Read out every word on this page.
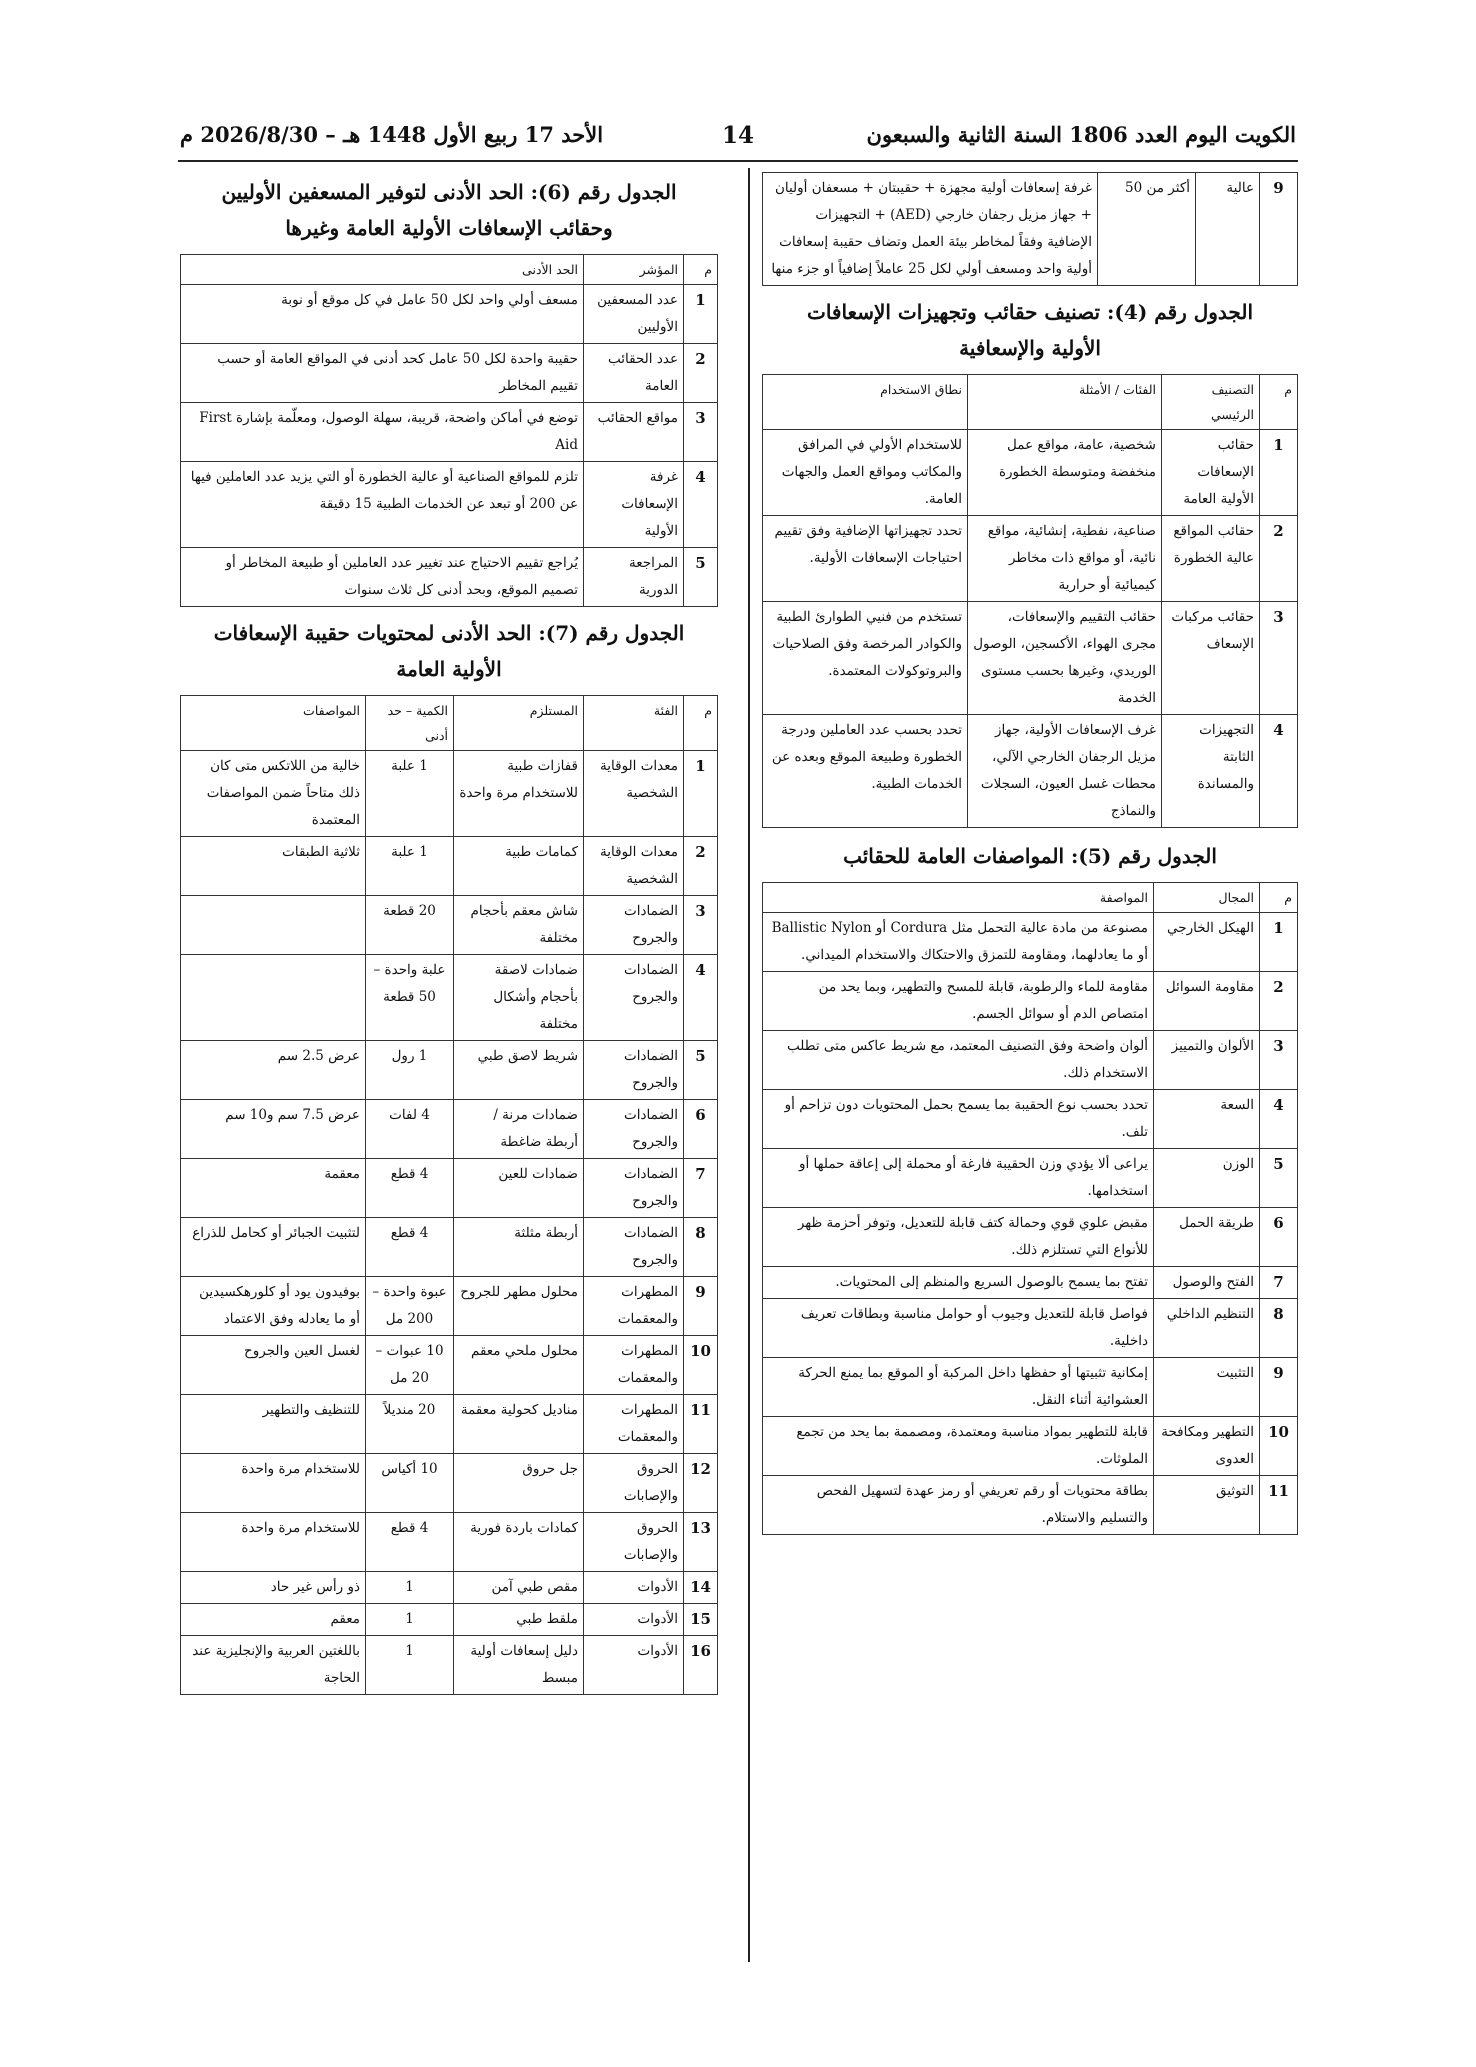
الكويت اليوم العدد 1806 السنة الثانية والسبعون
14
الأحد 17 ربيع الأول 1448 هـ – 2026/8/30 م
9	عالية	أكثر من 50	غرفة إسعافات أولية مجهزة + حقيبتان + مسعفان أوليان + جهاز مزيل رجفان خارجي (AED) + التجهيزات الإضافية وفقاً لمخاطر بيئة العمل وتضاف حقيبة إسعافات أولية واحد ومسعف أولي لكل 25 عاملاً إضافياً او جزء منها
الجدول رقم (4): تصنيف حقائب وتجهيزات الإسعافات
الأولية والإسعافية
م	التصنيف الرئيسي	الفئات / الأمثلة	نطاق الاستخدام
1	حقائب الإسعافات الأولية العامة	شخصية، عامة، مواقع عمل منخفضة ومتوسطة الخطورة	للاستخدام الأولي في المرافق والمكاتب ومواقع العمل والجهات العامة.
2	حقائب المواقع عالية الخطورة	صناعية، نفطية، إنشائية، مواقع نائية، أو مواقع ذات مخاطر كيميائية أو حرارية	تحدد تجهيزاتها الإضافية وفق تقييم احتياجات الإسعافات الأولية.
3	حقائب مركبات الإسعاف	حقائب التقييم والإسعافات، مجرى الهواء، الأكسجين، الوصول الوريدي، وغيرها بحسب مستوى الخدمة	تستخدم من فنيي الطوارئ الطبية والكوادر المرخصة وفق الصلاحيات والبروتوكولات المعتمدة.
4	التجهيزات الثابتة والمساندة	غرف الإسعافات الأولية، جهاز مزيل الرجفان الخارجي الآلي، محطات غسل العيون، السجلات والنماذج	تحدد بحسب عدد العاملين ودرجة الخطورة وطبيعة الموقع وبعده عن الخدمات الطبية.
الجدول رقم (5): المواصفات العامة للحقائب
م	المجال	المواصفة
1	الهيكل الخارجي	مصنوعة من مادة عالية التحمل مثل Cordura أو Ballistic Nylon أو ما يعادلهما، ومقاومة للتمزق والاحتكاك والاستخدام الميداني.
2	مقاومة السوائل	مقاومة للماء والرطوبة، قابلة للمسح والتطهير، وبما يحد من امتصاص الدم أو سوائل الجسم.
3	الألوان والتمييز	ألوان واضحة وفق التصنيف المعتمد، مع شريط عاكس متى تطلب الاستخدام ذلك.
4	السعة	تحدد بحسب نوع الحقيبة بما يسمح بحمل المحتويات دون تزاحم أو تلف.
5	الوزن	يراعى ألا يؤدي وزن الحقيبة فارغة أو محملة إلى إعاقة حملها أو استخدامها.
6	طريقة الحمل	مقبض علوي قوي وحمالة كتف قابلة للتعديل، وتوفر أحزمة ظهر للأنواع التي تستلزم ذلك.
7	الفتح والوصول	تفتح بما يسمح بالوصول السريع والمنظم إلى المحتويات.
8	التنظيم الداخلي	فواصل قابلة للتعديل وجيوب أو حوامل مناسبة وبطاقات تعريف داخلية.
9	التثبيت	إمكانية تثبيتها أو حفظها داخل المركبة أو الموقع بما يمنع الحركة العشوائية أثناء النقل.
10	التطهير ومكافحة العدوى	قابلة للتطهير بمواد مناسبة ومعتمدة، ومصممة بما يحد من تجمع الملوثات.
11	التوثيق	بطاقة محتويات أو رقم تعريفي أو رمز عهدة لتسهيل الفحص والتسليم والاستلام.
الجدول رقم (6): الحد الأدنى لتوفير المسعفين الأوليين
وحقائب الإسعافات الأولية العامة وغيرها
م	المؤشر	الحد الأدنى
1	عدد المسعفين الأوليين	مسعف أولي واحد لكل 50 عامل في كل موقع أو نوبة
2	عدد الحقائب العامة	حقيبة واحدة لكل 50 عامل كحد أدنى في المواقع العامة أو حسب تقييم المخاطر
3	مواقع الحقائب	توضع في أماكن واضحة، قريبة، سهلة الوصول، ومعلّمة بإشارة First Aid
4	غرفة الإسعافات الأولية	تلزم للمواقع الصناعية أو عالية الخطورة أو التي يزيد عدد العاملين فيها عن 200 أو تبعد عن الخدمات الطبية 15 دقيقة
5	المراجعة الدورية	يُراجع تقييم الاحتياج عند تغيير عدد العاملين أو طبيعة المخاطر أو تصميم الموقع، وبحد أدنى كل ثلاث سنوات
الجدول رقم (7): الحد الأدنى لمحتويات حقيبة الإسعافات
الأولية العامة
م	الفئة	المستلزم	الكمية – حد أدنى	المواصفات
1	معدات الوقاية الشخصية	قفازات طبية للاستخدام مرة واحدة	1 علبة	خالية من اللاتكس متى كان ذلك متاحاً ضمن المواصفات المعتمدة
2	معدات الوقاية الشخصية	كمامات طبية	1 علبة	ثلاثية الطبقات
3	الضمادات والجروح	شاش معقم بأحجام مختلفة	20 قطعة	
4	الضمادات والجروح	ضمادات لاصقة بأحجام وأشكال مختلفة	علبة واحدة – 50 قطعة	
5	الضمادات والجروح	شريط لاصق طبي	1 رول	عرض 2.5 سم
6	الضمادات والجروح	ضمادات مرنة / أربطة ضاغطة	4 لفات	عرض 7.5 سم و10 سم
7	الضمادات والجروح	ضمادات للعين	4 قطع	معقمة
8	الضمادات والجروح	أربطة مثلثة	4 قطع	لتثبيت الجبائر أو كحامل للذراع
9	المطهرات والمعقمات	محلول مطهر للجروح	عبوة واحدة – 200 مل	بوفيدون يود أو كلورهكسيدين أو ما يعادله وفق الاعتماد
10	المطهرات والمعقمات	محلول ملحي معقم	10 عبوات – 20 مل	لغسل العين والجروح
11	المطهرات والمعقمات	مناديل كحولية معقمة	20 منديلاً	للتنظيف والتطهير
12	الحروق والإصابات	جل حروق	10 أكياس	للاستخدام مرة واحدة
13	الحروق والإصابات	كمادات باردة فورية	4 قطع	للاستخدام مرة واحدة
14	الأدوات	مقص طبي آمن	1	ذو رأس غير حاد
15	الأدوات	ملقط طبي	1	معقم
16	الأدوات	دليل إسعافات أولية مبسط	1	باللغتين العربية والإنجليزية عند الحاجة
